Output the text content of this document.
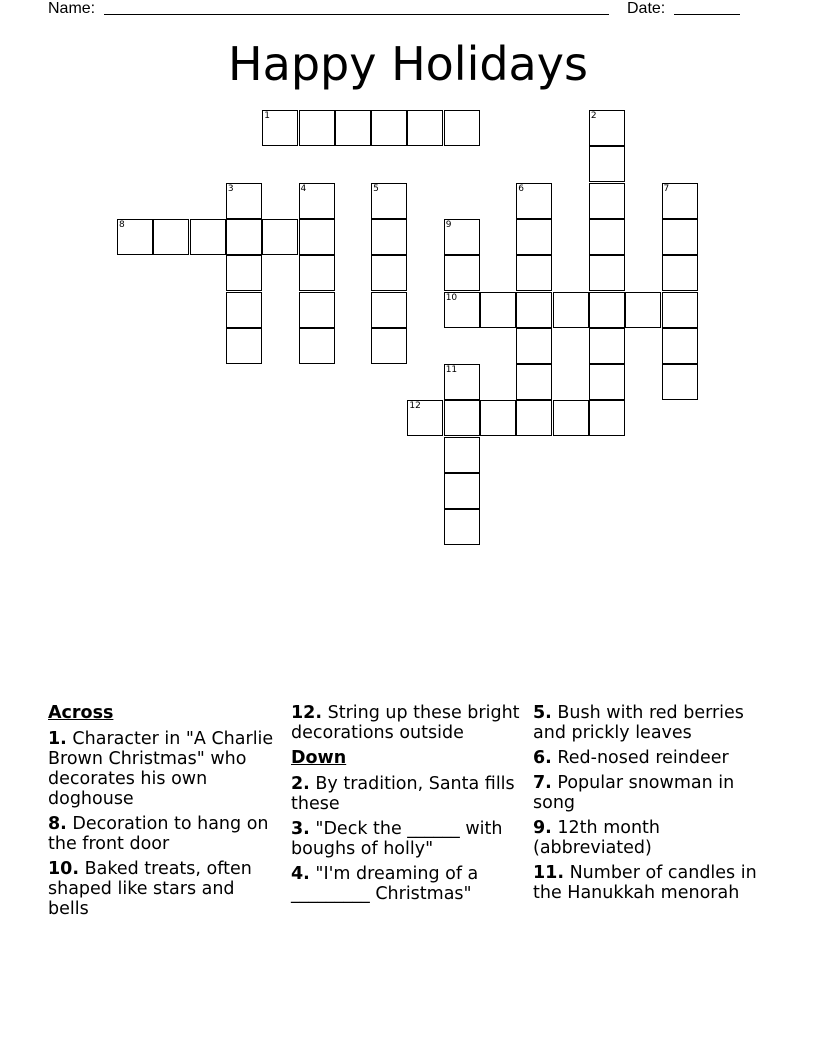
Name:	Date:
Happy Holidays
1	2
3	4	5	6	7
8	9
10
11
12
Across
1. Character in "A Charlie Brown Christmas" who decorates his own doghouse
8. Decoration to hang on the front door
10. Baked treats, often shaped like stars and bells
12. String up these bright decorations outside
Down
2. By tradition, Santa fills these
3. "Deck the ______ with boughs of holly"
4. "I'm dreaming of a _________ Christmas"
5. Bush with red berries and prickly leaves
6. Red-nosed reindeer
7. Popular snowman in song
9. 12th month (abbreviated)
11. Number of candles in the Hanukkah menorah
